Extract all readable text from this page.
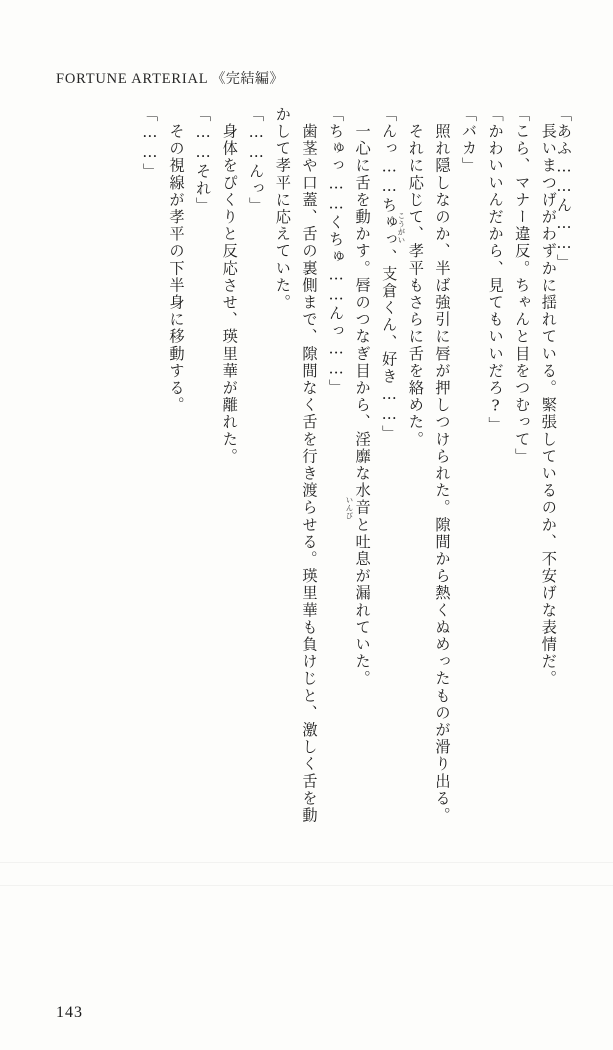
FORTUNE ARTERIAL 《完結編》
「あふ……ん……」
　長いまつげがわずかに揺れている。緊張しているのか、不安げな表情だ。
「こら、マナー違反。ちゃんと目をつむって」
「かわいいんだから、見てもいいだろ?」
「バカ」
　照れ隠しなのか、半ば強引に唇が押しつけられた。隙間から熱くぬめったものが滑り出る。
　それに応じて、孝平もさらに舌を絡めた。
「んっ……ちゅっ、支倉くん、好き……」
　一心に舌を動かす。唇のつなぎ目から、淫靡な水音と吐息が漏れていた。
「ちゅっ……くちゅ……んっ……」
　歯茎や口蓋、舌の裏側まで、隙間なく舌を行き渡らせる。瑛里華も負けじと、激しく舌を動
かして孝平に応えていた。
「……んっ」
　身体をぴくりと反応させ、瑛里華が離れた。
「……それ」
　その視線が孝平の下半身に移動する。
「……」
こうがい
いんび
143
